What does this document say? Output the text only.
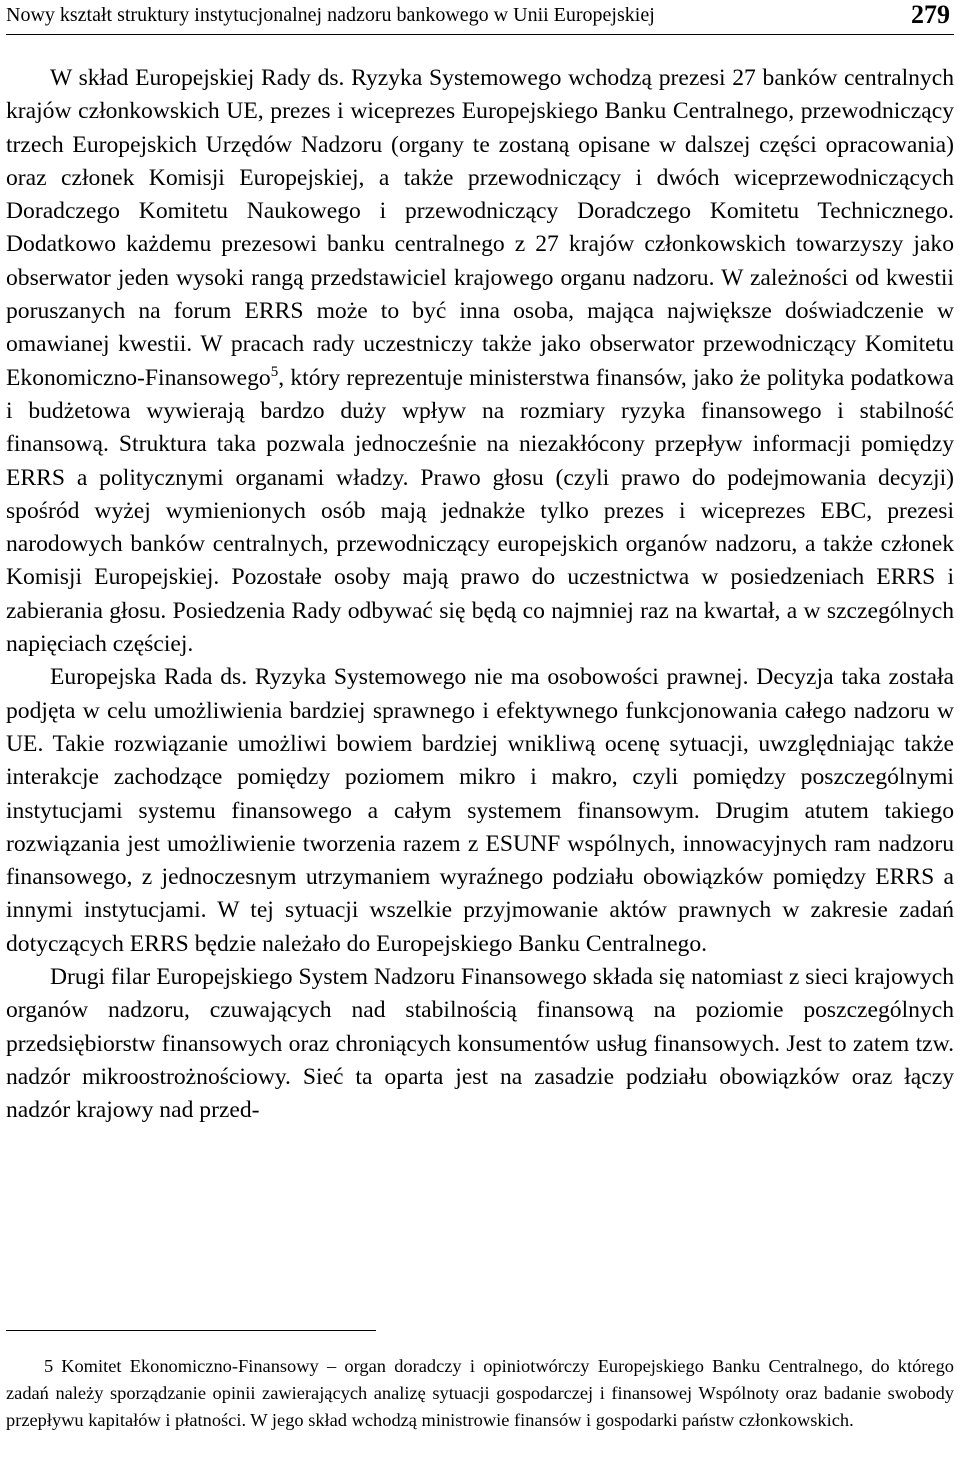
Nowy kształt struktury instytucjonalnej nadzoru bankowego w Unii Europejskiej	279

W skład Europejskiej Rady ds. Ryzyka Systemowego wchodzą prezesi 27 banków centralnych krajów członkowskich UE, prezes i wiceprezes Europejskiego Banku Centralnego, przewodniczący trzech Europejskich Urzędów Nadzoru (organy te zostaną opisane w dalszej części opracowania) oraz członek Komisji Europejskiej, a także przewodniczący i dwóch wiceprzewodniczących Doradczego Komitetu Naukowego i przewodniczący Doradczego Komitetu Technicznego. Dodatkowo każdemu prezesowi banku centralnego z 27 krajów członkowskich towarzyszy jako obserwator jeden wysoki rangą przedstawiciel krajowego organu nadzoru. W zależności od kwestii poruszanych na forum ERRS może to być inna osoba, mająca największe doświadczenie w omawianej kwestii. W pracach rady uczestniczy także jako obserwator przewodniczący Komitetu Ekonomiczno-Finansowego$^5$, który reprezentuje ministerstwa finansów, jako że polityka podatkowa i budżetowa wywierają bardzo duży wpływ na rozmiary ryzyka finansowego i stabilność finansową. Struktura taka pozwala jednocześnie na niezakłócony przepływ informacji pomiędzy ERRS a politycznymi organami władzy. Prawo głosu (czyli prawo do podejmowania decyzji) spośród wyżej wymienionych osób mają jednakże tylko prezes i wiceprezes EBC, prezesi narodowych banków centralnych, przewodniczący europejskich organów nadzoru, a także członek Komisji Europejskiej. Pozostałe osoby mają prawo do uczestnictwa w posiedzeniach ERRS i zabierania głosu. Posiedzenia Rady odbywać się będą co najmniej raz na kwartał, a w szczególnych napięciach częściej.

Europejska Rada ds. Ryzyka Systemowego nie ma osobowości prawnej. Decyzja taka została podjęta w celu umożliwienia bardziej sprawnego i efektywnego funkcjonowania całego nadzoru w UE. Takie rozwiązanie umożliwi bowiem bardziej wnikliwą ocenę sytuacji, uwzględniając także interakcje zachodzące pomiędzy poziomem mikro i makro, czyli pomiędzy poszczególnymi instytucjami systemu finansowego a całym systemem finansowym. Drugim atutem takiego rozwiązania jest umożliwienie tworzenia razem z ESUNF wspólnych, innowacyjnych ram nadzoru finansowego, z jednoczesnym utrzymaniem wyraźnego podziału obowiązków pomiędzy ERRS a innymi instytucjami. W tej sytuacji wszelkie przyjmowanie aktów prawnych w zakresie zadań dotyczących ERRS będzie należało do Europejskiego Banku Centralnego.

Drugi filar Europejskiego System Nadzoru Finansowego składa się natomiast z sieci krajowych organów nadzoru, czuwających nad stabilnością finansową na poziomie poszczególnych przedsiębiorstw finansowych oraz chroniących konsumentów usług finansowych. Jest to zatem tzw. nadzór mikroostrożnościowy. Sieć ta oparta jest na zasadzie podziału obowiązków oraz łączy nadzór krajowy nad przed-

5 Komitet Ekonomiczno-Finansowy – organ doradczy i opiniotwórczy Europejskiego Banku Centralnego, do którego zadań należy sporządzanie opinii zawierających analizę sytuacji gospodarczej i finansowej Wspólnoty oraz badanie swobody przepływu kapitałów i płatności. W jego skład wchodzą ministrowie finansów i gospodarki państw członkowskich.
